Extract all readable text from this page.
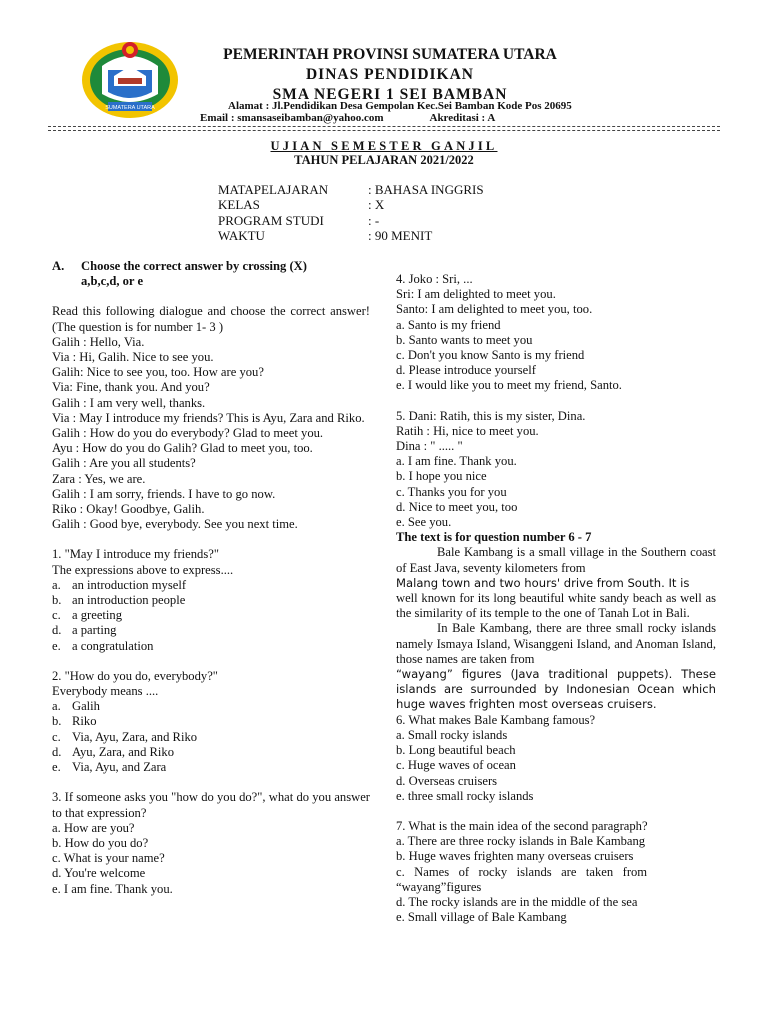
SUMATERA UTARA
PEMERINTAH PROVINSI SUMATERA UTARA
DINAS PENDIDIKAN
SMA NEGERI 1 SEI BAMBAN
Alamat : Jl.Pendidikan Desa Gempolan Kec.Sei Bamban Kode Pos 20695
Email : smansaseibamban@yahoo.com	Akreditasi : A
UJIAN SEMESTER GANJIL
TAHUN PELAJARAN 2021/2022
MATAPELAJARAN	: BAHASA INGGRIS
KELAS	: X
PROGRAM STUDI	: -
WAKTU	: 90 MENIT
A. Choose the correct answer by crossing (X)
a,b,c,d, or e
Read this following dialogue and choose the correct answer! (The question is for number 1- 3 )
Galih : Hello, Via.
Via : Hi, Galih. Nice to see you.
Galih: Nice to see you, too. How are you?
Via: Fine, thank you. And you?
Galih : I am very well, thanks.
Via : May I introduce my friends? This is Ayu, Zara and Riko.
Galih : How do you do everybody? Glad to meet you.
Ayu : How do you do Galih? Glad to meet you, too.
Galih : Are you all students?
Zara : Yes, we are.
Galih : I am sorry, friends. I have to go now.
Riko : Okay! Goodbye, Galih.
Galih : Good bye, everybody. See you next time.
1. "May I introduce my friends?"
The expressions above to express....
a. an introduction myself
b. an introduction people
c. a greeting
d. a parting
e. a congratulation
2. "How do you do, everybody?"
Everybody means ....
a. Galih
b. Riko
c. Via, Ayu, Zara, and Riko
d. Ayu, Zara, and Riko
e. Via, Ayu, and Zara
3. If someone asks you "how do you do?", what do you answer to that expression?
a. How are you?
b. How do you do?
c. What is your name?
d. You're welcome
e. I am fine. Thank you.
4. Joko : Sri, ...
Sri: I am delighted to meet you.
Santo: I am delighted to meet you, too.
a. Santo is my friend
b. Santo wants to meet you
c. Don't you know Santo is my friend
d. Please introduce yourself
e. I would like you to meet my friend, Santo.
5. Dani: Ratih, this is my sister, Dina.
Ratih : Hi, nice to meet you.
Dina : " ..... "
a. I am fine. Thank you.
b. I hope you nice
c. Thanks you for you
d. Nice to meet you, too
e. See you.
The text is for question number 6 - 7
Bale Kambang is a small village in the Southern coast of East Java, seventy kilometers from
Malang town and two hours' drive from South. It is
well known for its long beautiful white sandy beach as well as the similarity of its temple to the one of Tanah Lot in Bali.
In Bale Kambang, there are three small rocky islands namely Ismaya Island, Wisanggeni Island, and Anoman Island, those names are taken from
“wayang” figures (Java traditional puppets). These islands are surrounded by Indonesian Ocean which huge waves frighten most overseas cruisers.
6. What makes Bale Kambang famous?
a. Small rocky islands
b. Long beautiful beach
c. Huge waves of ocean
d. Overseas cruisers
e. three small rocky islands
7. What is the main idea of the second paragraph?
a. There are three rocky islands in Bale Kambang
b. Huge waves frighten many overseas cruisers
c.   Names   of   rocky   islands   are   taken   from
“wayang”figures
d. The rocky islands are in the middle of the sea
e. Small village of Bale Kambang
